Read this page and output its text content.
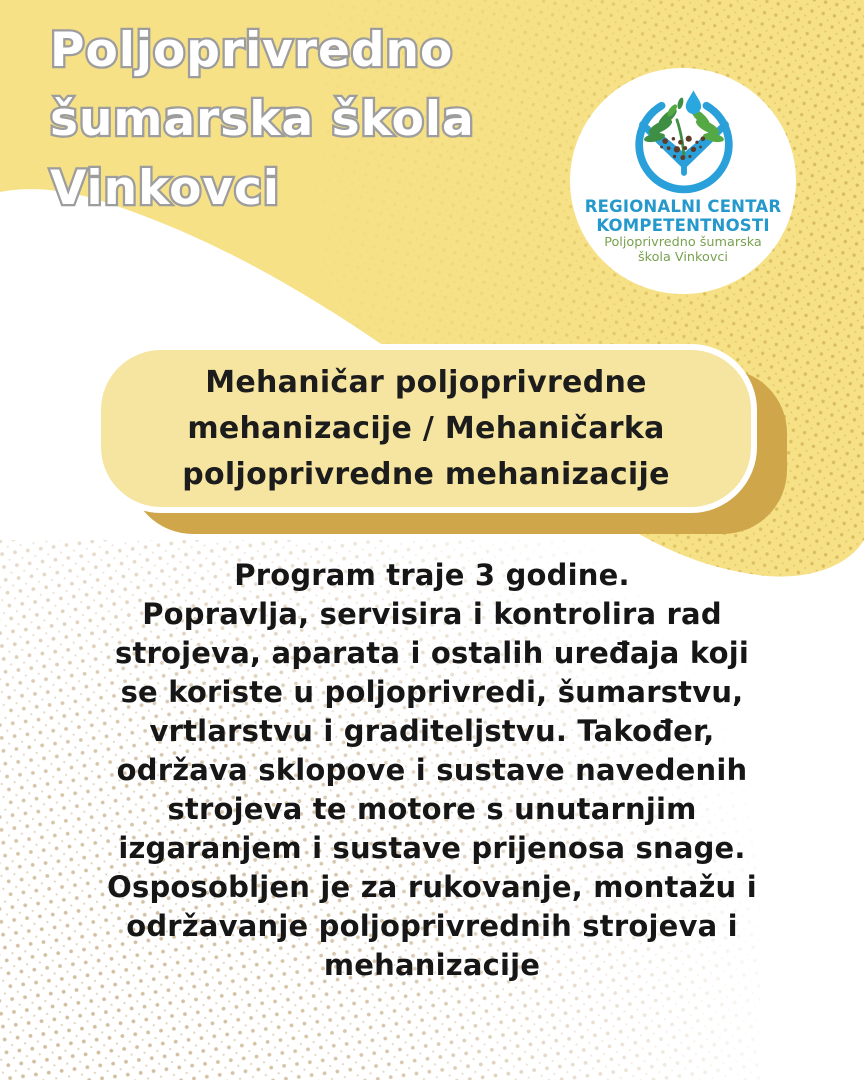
Poljoprivredno
šumarska škola
Vinkovci	REGIONALNI CENTAR
KOMPETENTNOSTI
Poljoprivredno šumarska
škola Vinkovci
Mehaničar poljoprivredne
mehanizacije / Mehaničarka
poljoprivredne mehanizacije
Program traje 3 godine.
Popravlja, servisira i kontrolira rad
strojeva, aparata i ostalih uređaja koji
se koriste u poljoprivredi, šumarstvu,
vrtlarstvu i graditeljstvu. Također,
održava sklopove i sustave navedenih
strojeva te motore s unutarnjim
izgaranjem i sustave prijenosa snage.
Osposobljen je za rukovanje, montažu i
održavanje poljoprivrednih strojeva i
mehanizacije
